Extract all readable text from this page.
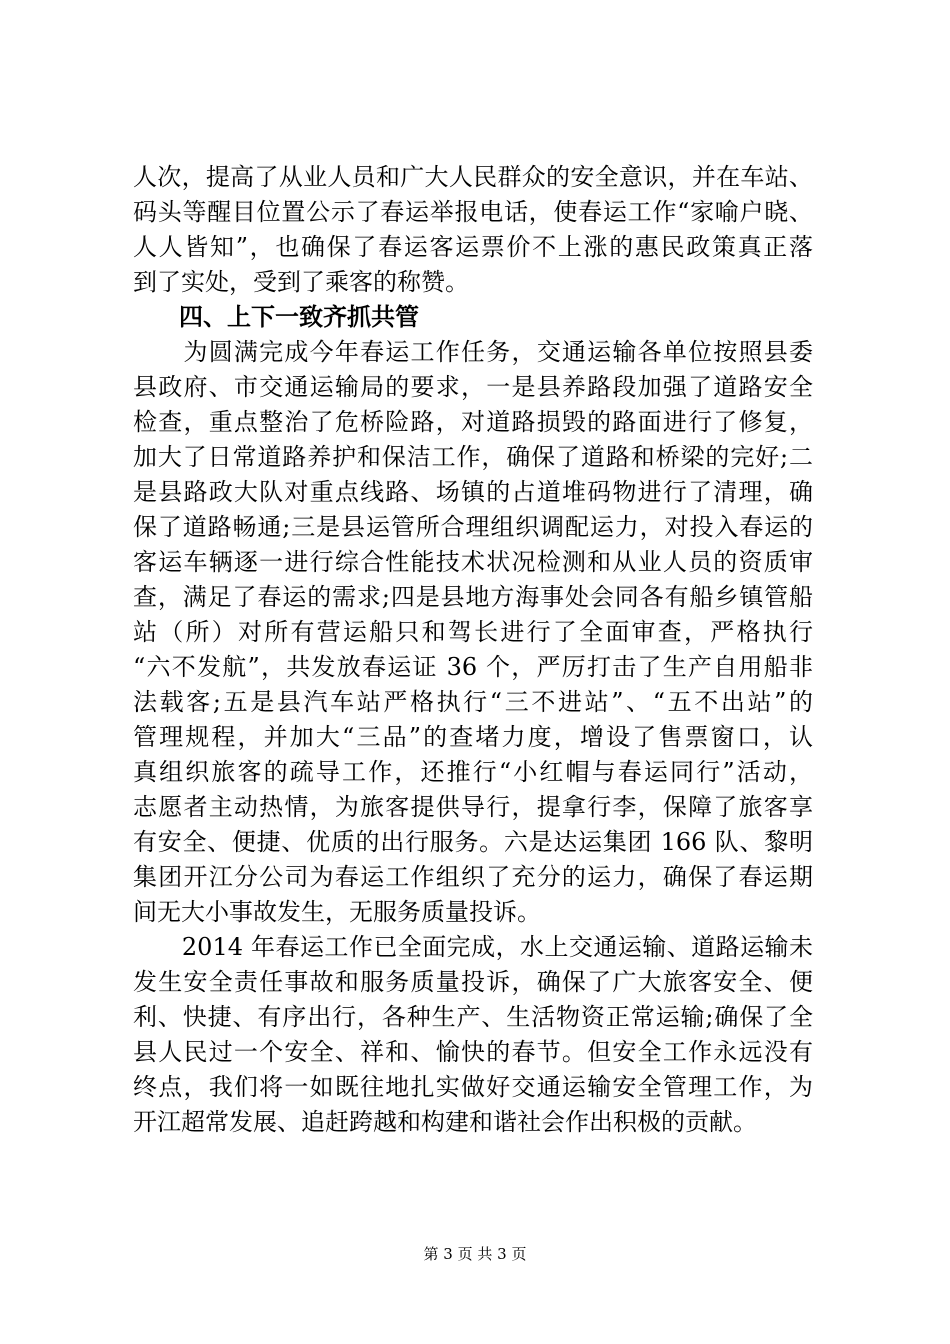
人次，提高了从业人员和广大人民群众的安全意识，并在车站、
码头等醒目位置公示了春运举报电话，使春运工作“家喻户晓、
人人皆知”，也确保了春运客运票价不上涨的惠民政策真正落
到了实处，受到了乘客的称赞。
四、上下一致齐抓共管
　　为圆满完成今年春运工作任务，交通运输各单位按照县委
县政府、市交通运输局的要求，一是县养路段加强了道路安全
检查，重点整治了危桥险路，对道路损毁的路面进行了修复，
加大了日常道路养护和保洁工作，确保了道路和桥梁的完好;二
是县路政大队对重点线路、场镇的占道堆码物进行了清理，确
保了道路畅通;三是县运管所合理组织调配运力，对投入春运的
客运车辆逐一进行综合性能技术状况检测和从业人员的资质审
查，满足了春运的需求;四是县地方海事处会同各有船乡镇管船
站（所）对所有营运船只和驾长进行了全面审查，严格执行
“六不发航”，共发放春运证 36 个，严厉打击了生产自用船非
法载客;五是县汽车站严格执行“三不进站”、“五不出站”的
管理规程，并加大“三品”的查堵力度，增设了售票窗口，认
真组织旅客的疏导工作，还推行“小红帽与春运同行”活动，
志愿者主动热情，为旅客提供导行，提拿行李，保障了旅客享
有安全、便捷、优质的出行服务。六是达运集团 166 队、黎明
集团开江分公司为春运工作组织了充分的运力，确保了春运期
间无大小事故发生，无服务质量投诉。
　　2014 年春运工作已全面完成，水上交通运输、道路运输未
发生安全责任事故和服务质量投诉，确保了广大旅客安全、便
利、快捷、有序出行，各种生产、生活物资正常运输;确保了全
县人民过一个安全、祥和、愉快的春节。但安全工作永远没有
终点，我们将一如既往地扎实做好交通运输安全管理工作，为
开江超常发展、追赶跨越和构建和谐社会作出积极的贡献。
第 3 页 共 3 页
